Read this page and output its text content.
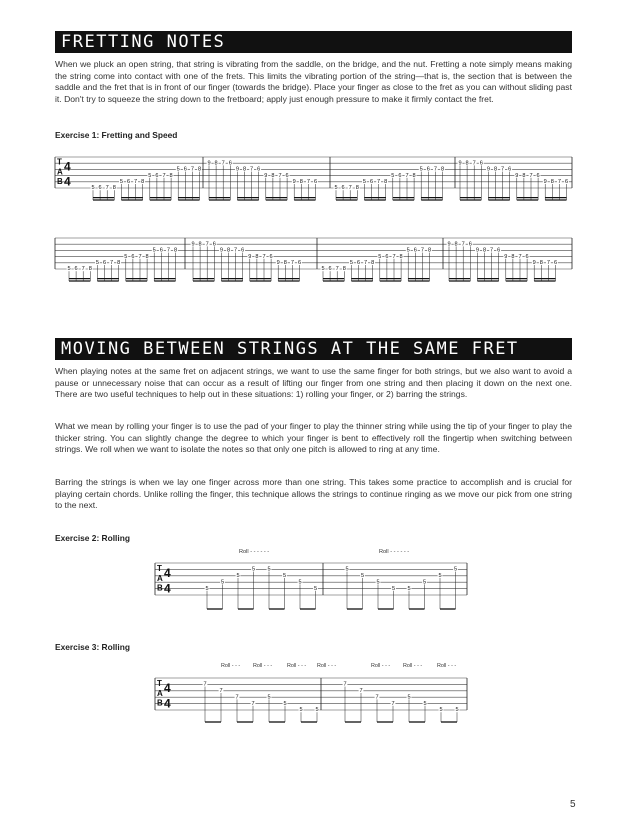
FRETTING NOTES

When we pluck an open string, that string is vibrating from the saddle, on the bridge, and the nut. Fretting a note simply means making the string come into contact with one of the frets. This limits the vibrating portion of the string—that is, the section that is between the saddle and the fret that is in front of our finger (towards the bridge). Place your finger as close to the fret as you can without sliding past it. Don't try to squeeze the string down to the fretboard; apply just enough pressure to make it firmly contact the fret.

Exercise 1: Fretting and Speed
T
A
B
4
4	5 6 7 8
5 6 7 8
5 6 7 8
5 6 7 8
9 8 7 6
9 8 7 6
9 8 7 6
9 8 7 6
5 6 7 8
5 6 7 8
5 6 7 8
5 6 7 8
9 8 7 6
9 8 7 6
9 8 7 6
9 8 7 6
5 6 7 8
5 6 7 8
5 6 7 8
5 6 7 8
9 8 7 6
9 8 7 6
9 8 7 6
9 8 7 6
5 6 7 8
5 6 7 8
5 6 7 8
5 6 7 8
9 8 7 6
9 8 7 6
9 8 7 6
9 8 7 6
MOVING BETWEEN STRINGS AT THE SAME FRET

When playing notes at the same fret on adjacent strings, we want to use the same finger for both strings, but we also want to avoid a pause or unnecessary noise that can occur as a result of lifting our finger from one string and then placing it down on the next one. There are two useful techniques to help out in these situations: 1) rolling your finger, or 2) barring the strings.

What we mean by rolling your finger is to use the pad of your finger to play the thinner string while using the tip of your finger to play the thicker string. You can slightly change the degree to which your finger is bent to effectively roll the fingertip when switching between strings. We roll when we want to isolate the notes so that only one pitch is allowed to ring at any time.

Barring the strings is when we lay one finger across more than one string. This takes some practice to accomplish and is crucial for playing certain chords. Unlike rolling the finger, this technique allows the strings to continue ringing as we move our pick from one string to the next.

Exercise 2: Rolling
Roll - - - - - -	Roll - - - - - -
T
A
B
4
4	5
5
5
5 5
5
5
5
5
5
5
5 5
5
5
5
Exercise 3: Rolling
Roll - - - Roll - - -	Roll - - - Roll - - -	Roll - - - Roll - - -	Roll - - -
T
A
B
4
4
7
7
7
7
5
5
5 5
7
7
7
7
5
5
5 5
5
